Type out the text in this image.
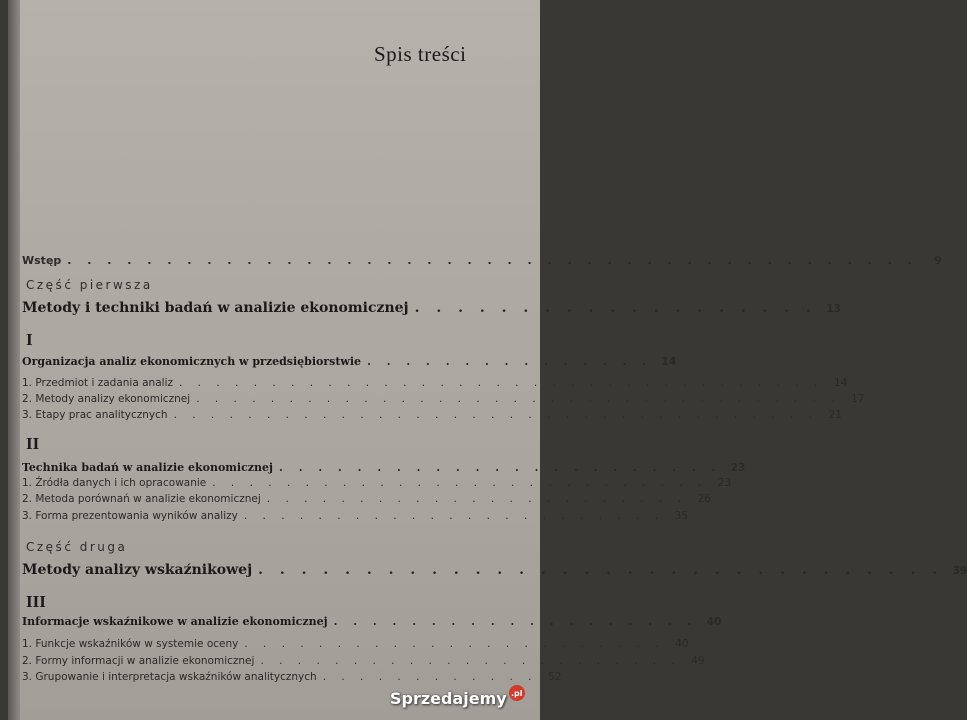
Spis treści
Wstęp . . . . . . . . . . . . . . . . . . . . . . . . . . . . . . . . . . . . . . . . . . .	9
Część pierwsza
Metody i techniki badań w analizie ekonomicznej . . . . . . . . . . . . . . . . . . . 13
I
Organizacja analiz ekonomicznych w przedsiębiorstwie . . . . . . . . . . . . . . . 14
1. Przedmiot i zadania analiz . . . . . . . . . . . . . . . . . . . . . . . . . . . . . . . . . . .	14
2. Metody analizy ekonomicznej . . . . . . . . . . . . . . . . . . . . . . . . . . . . . . . . . . .	17
3. Etapy prac analitycznych . . . . . . . . . . . . . . . . . . . . . . . . . . . . . . . . . . .	21
II
Technika badań w analizie ekonomicznej . . . . . . . . . . . . . . . . . . . . . . . 23
1. Źródła danych i ich opracowanie . . . . . . . . . . . . . . . . . . . . . . . . . . .	23
2. Metoda porównań w analizie ekonomicznej . . . . . . . . . . . . . . . . . . . . . . .	26
3. Forma prezentowania wyników analizy . . . . . . . . . . . . . . . . . . . . . . .	35
Część druga
Metody analizy wskaźnikowej . . . . . . . . . . . . . . . . . . . . . . . . . . . . . . . . 39
III
Informacje wskaźnikowe w analizie ekonomicznej . . . . . . . . . . . . . . . . . . . 40
1. Funkcje wskaźników w systemie oceny . . . . . . . . . . . . . . . . . . . . . . .	40
2. Formy informacji w analizie ekonomicznej . . . . . . . . . . . . . . . . . . . . . . .	49
3. Grupowanie i interpretacja wskaźników analitycznych . . . . . . . . . . . .	52
Sprzedajemy .pl
